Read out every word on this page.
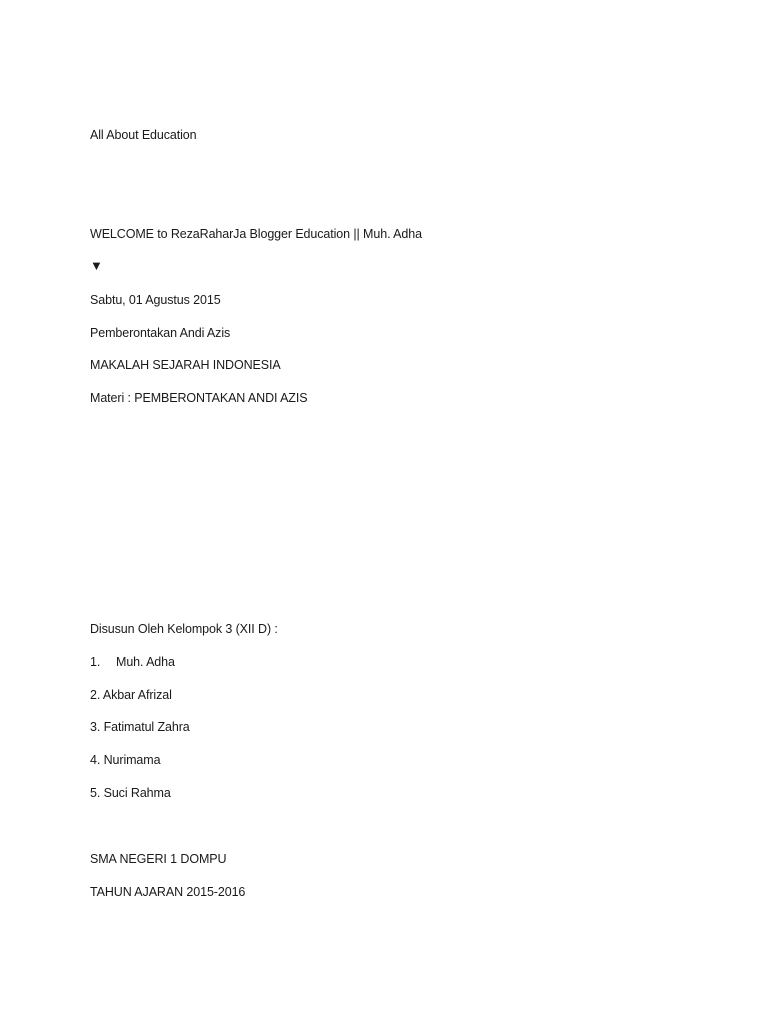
All About Education
WELCOME to RezaRaharJa Blogger Education || Muh. Adha
▼
Sabtu, 01 Agustus 2015
Pemberontakan Andi Azis
MAKALAH SEJARAH INDONESIA
Materi : PEMBERONTAKAN ANDI AZIS
Disusun Oleh Kelompok 3 (XII D) :
1. Muh. Adha
2. Akbar Afrizal
3. Fatimatul Zahra
4. Nurimama
5. Suci Rahma
SMA NEGERI 1 DOMPU
TAHUN AJARAN 2015-2016
